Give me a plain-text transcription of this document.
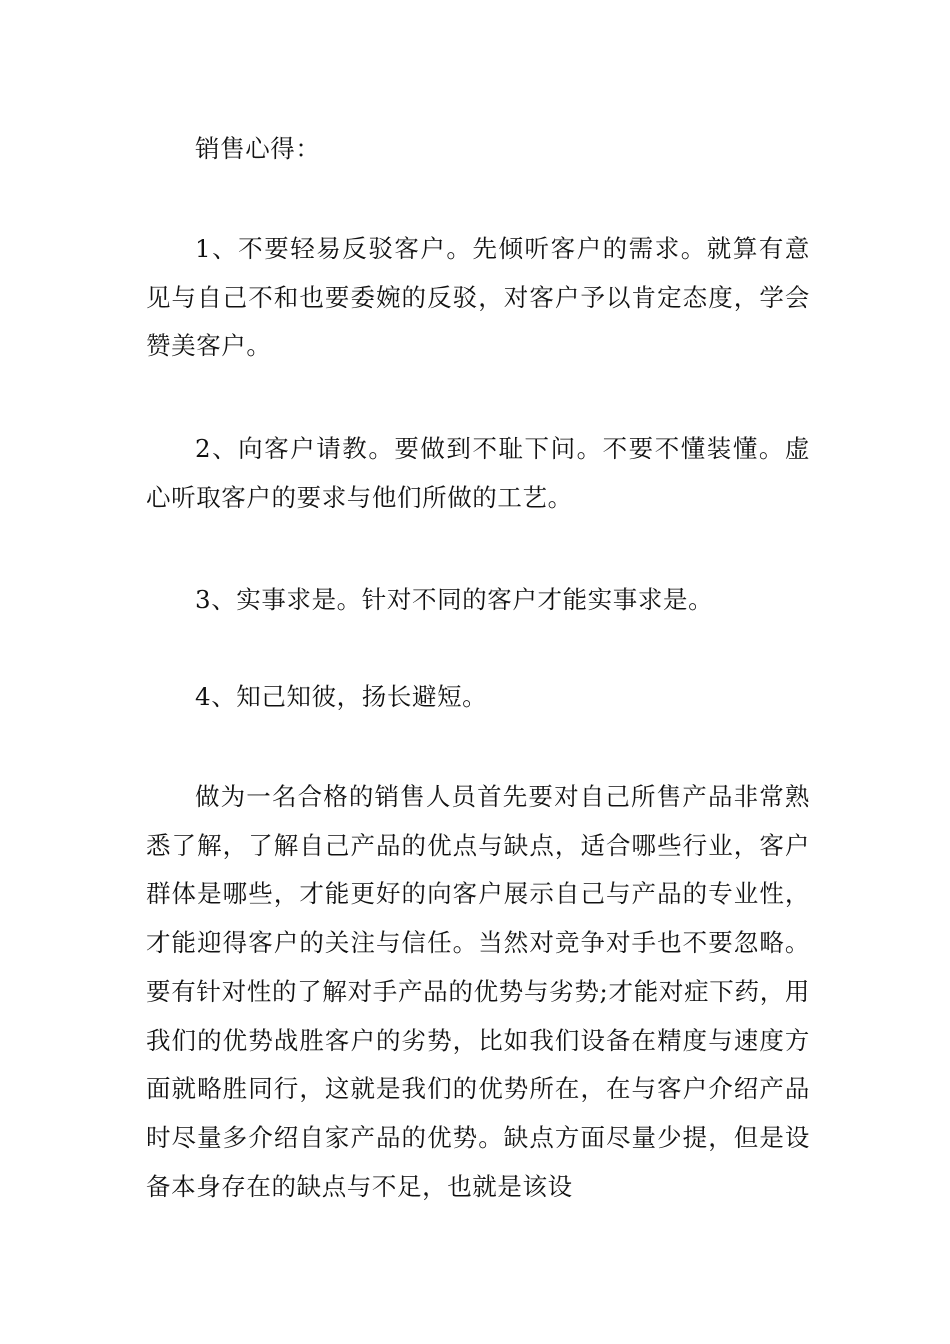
销售心得：

1、不要轻易反驳客户。先倾听客户的需求。就算有意见与自己不和也要委婉的反驳，对客户予以肯定态度，学会赞美客户。

2、向客户请教。要做到不耻下问。不要不懂装懂。虚心听取客户的要求与他们所做的工艺。

3、实事求是。针对不同的客户才能实事求是。

4、知己知彼，扬长避短。

做为一名合格的销售人员首先要对自己所售产品非常熟悉了解，了解自己产品的优点与缺点，适合哪些行业，客户群体是哪些，才能更好的向客户展示自己与产品的专业性，才能迎得客户的关注与信任。当然对竞争对手也不要忽略。要有针对性的了解对手产品的优势与劣势;才能对症下药，用我们的优势战胜客户的劣势，比如我们设备在精度与速度方面就略胜同行，这就是我们的优势所在，在与客户介绍产品时尽量多介绍自家产品的优势。缺点方面尽量少提，但是设备本身存在的缺点与不足，也就是该设
